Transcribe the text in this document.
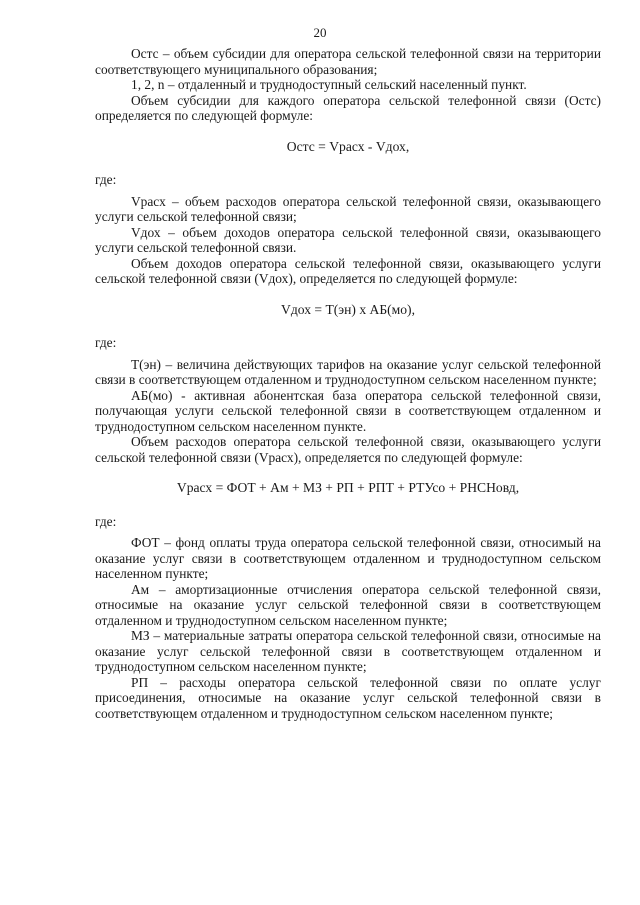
20

Остс – объем субсидии для оператора сельской телефонной связи на территории соответствующего муниципального образования;

1, 2, n – отдаленный и труднодоступный сельский населенный пункт.

Объем субсидии для каждого оператора сельской телефонной связи (Остс) определяется по следующей формуле:

Остс = Vрасх - Vдох,

где:

Vрасх – объем расходов оператора сельской телефонной связи, оказывающего услуги сельской телефонной связи;

Vдох – объем доходов оператора сельской телефонной связи, оказывающего услуги сельской телефонной связи.

Объем доходов оператора сельской телефонной связи, оказывающего услуги сельской телефонной связи (Vдох), определяется по следующей формуле:

Vдох = Т(эн) х АБ(мо),

где:

Т(эн) – величина действующих тарифов на оказание услуг сельской телефонной связи в соответствующем отдаленном и труднодоступном сельском населенном пункте;

АБ(мо) - активная абонентская база оператора сельской телефонной связи, получающая услуги сельской телефонной связи в соответствующем отдаленном и труднодоступном сельском населенном пункте.

Объем расходов оператора сельской телефонной связи, оказывающего услуги сельской телефонной связи (Vрасх), определяется по следующей формуле:

Vрасх = ФОТ + Ам + МЗ + РП + РПТ + РТУсо + РНСНовд,

где:

ФОТ – фонд оплаты труда оператора сельской телефонной связи, относимый на оказание услуг связи в соответствующем отдаленном и труднодоступном сельском населенном пункте;

Ам – амортизационные отчисления оператора сельской телефонной связи, относимые на оказание услуг сельской телефонной связи в соответствующем отдаленном и труднодоступном сельском населенном пункте;

МЗ – материальные затраты оператора сельской телефонной связи, относимые на оказание услуг сельской телефонной связи в соответствующем отдаленном и труднодоступном сельском населенном пункте;

РП – расходы оператора сельской телефонной связи по оплате услуг присоединения, относимые на оказание услуг сельской телефонной связи в соответствующем отдаленном и труднодоступном сельском населенном пункте;
